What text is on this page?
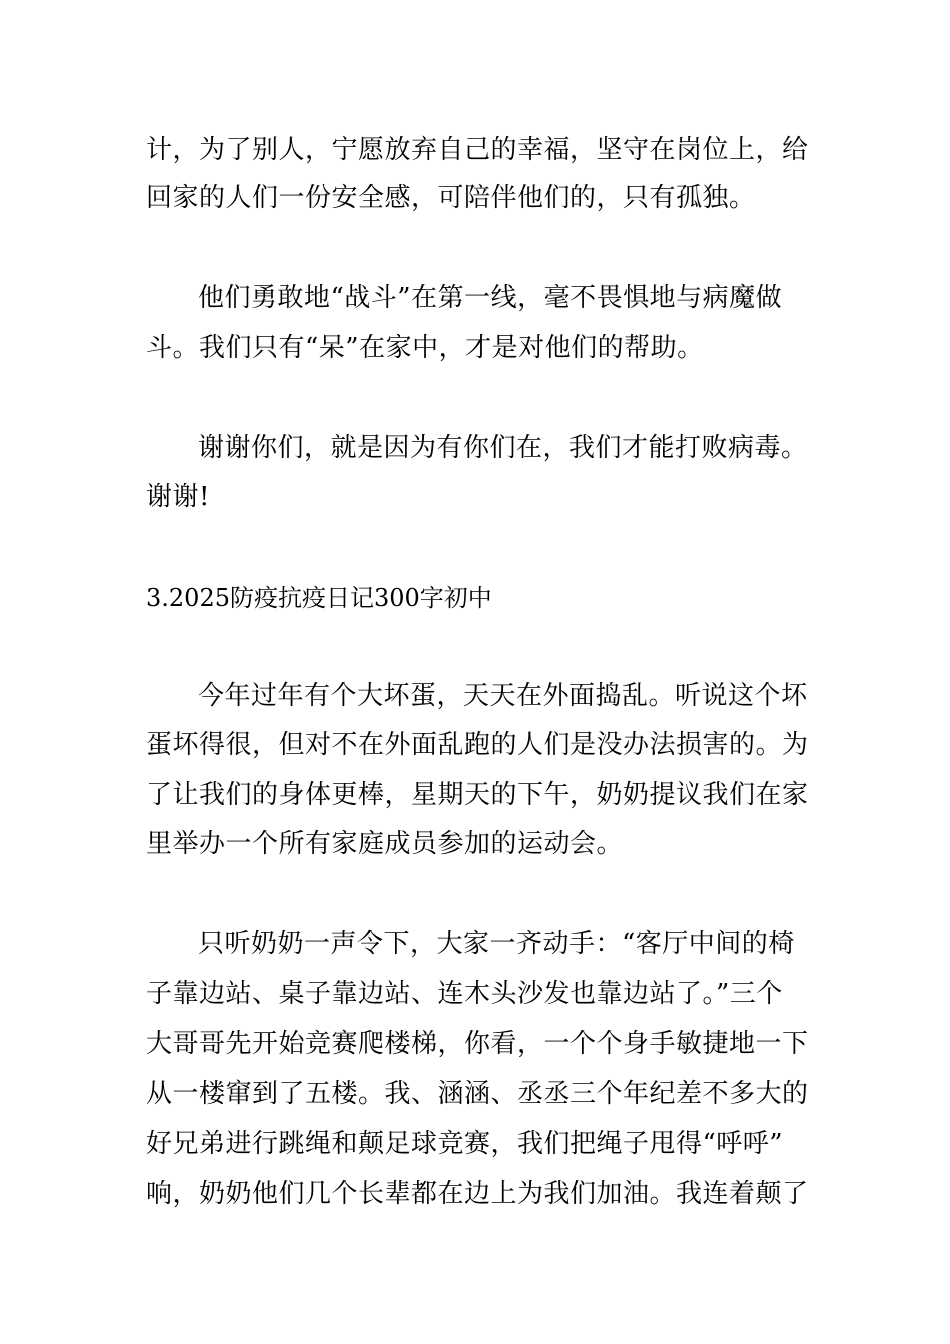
计，为了别人，宁愿放弃自己的幸福，坚守在岗位上，给
回家的人们一份安全感，可陪伴他们的，只有孤独。
他们勇敢地“战斗”在第一线，毫不畏惧地与病魔做
斗。我们只有“呆”在家中，才是对他们的帮助。
谢谢你们，就是因为有你们在，我们才能打败病毒。
谢谢!
3.2025防疫抗疫日记300字初中
今年过年有个大坏蛋，天天在外面捣乱。听说这个坏
蛋坏得很，但对不在外面乱跑的人们是没办法损害的。为
了让我们的身体更棒，星期天的下午，奶奶提议我们在家
里举办一个所有家庭成员参加的运动会。
只听奶奶一声令下，大家一齐动手：“客厅中间的椅
子靠边站、桌子靠边站、连木头沙发也靠边站了。”三个
大哥哥先开始竞赛爬楼梯，你看，一个个身手敏捷地一下
从一楼窜到了五楼。我、涵涵、丞丞三个年纪差不多大的
好兄弟进行跳绳和颠足球竞赛，我们把绳子甩得“呼呼”
响，奶奶他们几个长辈都在边上为我们加油。我连着颠了
